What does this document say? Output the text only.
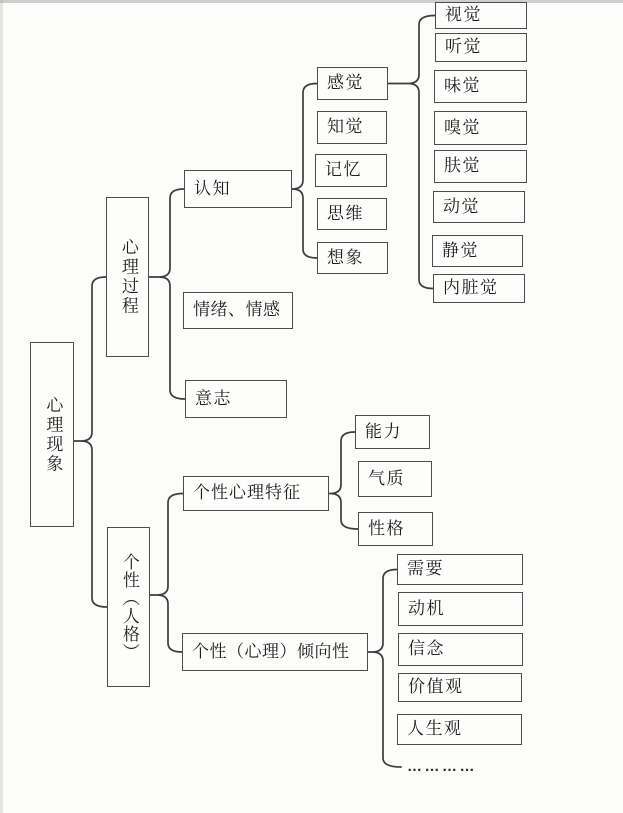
心理现象
心理过程
个性（人格）
认知
情绪、情感
意志
个性心理特征
个性（心理）倾向性
感觉
知觉
记忆
思维
想象
能力
气质
性格
需要
动机
信念
价值观
人生观
…………
视觉
听觉
味觉
嗅觉
肤觉
动觉
静觉
内脏觉
